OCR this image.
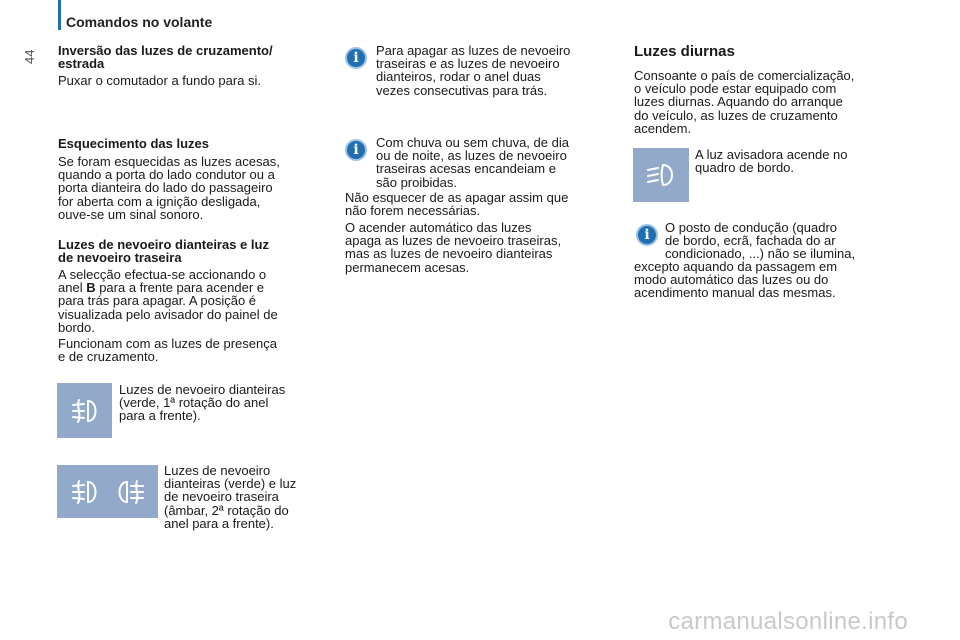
Comandos no volante
44 Inversão das luzes de cruzamento/
estrada
Puxar o comutador a fundo para si.
Esquecimento das luzes
Se foram esquecidas as luzes acesas,
quando a porta do lado condutor ou a
porta dianteira do lado do passageiro
for aberta com a ignição desligada,
ouve-se um sinal sonoro.
Luzes de nevoeiro dianteiras e luz
de nevoeiro traseira
A selecção efectua-se accionando o
anel B para a frente para acender e
para trás para apagar. A posição é
visualizada pelo avisador do painel de
bordo.
Funcionam com as luzes de presença
e de cruzamento.
Luzes de nevoeiro dianteiras
(verde, 1ª rotação do anel
para a frente).
Luzes de nevoeiro
dianteiras (verde) e luz
de nevoeiro traseira
(âmbar, 2ª rotação do
anel para a frente).
i	Para apagar as luzes de nevoeiro
traseiras e as luzes de nevoeiro
dianteiros, rodar o anel duas
vezes consecutivas para trás.
i	Com chuva ou sem chuva, de dia
ou de noite, as luzes de nevoeiro
traseiras acesas encandeiam e
são proibidas.
Não esquecer de as apagar assim que
não forem necessárias.
O acender automático das luzes
apaga as luzes de nevoeiro traseiras,
mas as luzes de nevoeiro dianteiras
permanecem acesas.
Luzes diurnas
Consoante o país de comercialização,
o veículo pode estar equipado com
luzes diurnas. Aquando do arranque
do veículo, as luzes de cruzamento
acendem.
A luz avisadora acende no
quadro de bordo.
i	O posto de condução (quadro
de bordo, ecrã, fachada do ar
condicionado, ...) não se ilumina,
excepto aquando da passagem em
modo automático das luzes ou do
acendimento manual das mesmas.
carmanualsonline.info
